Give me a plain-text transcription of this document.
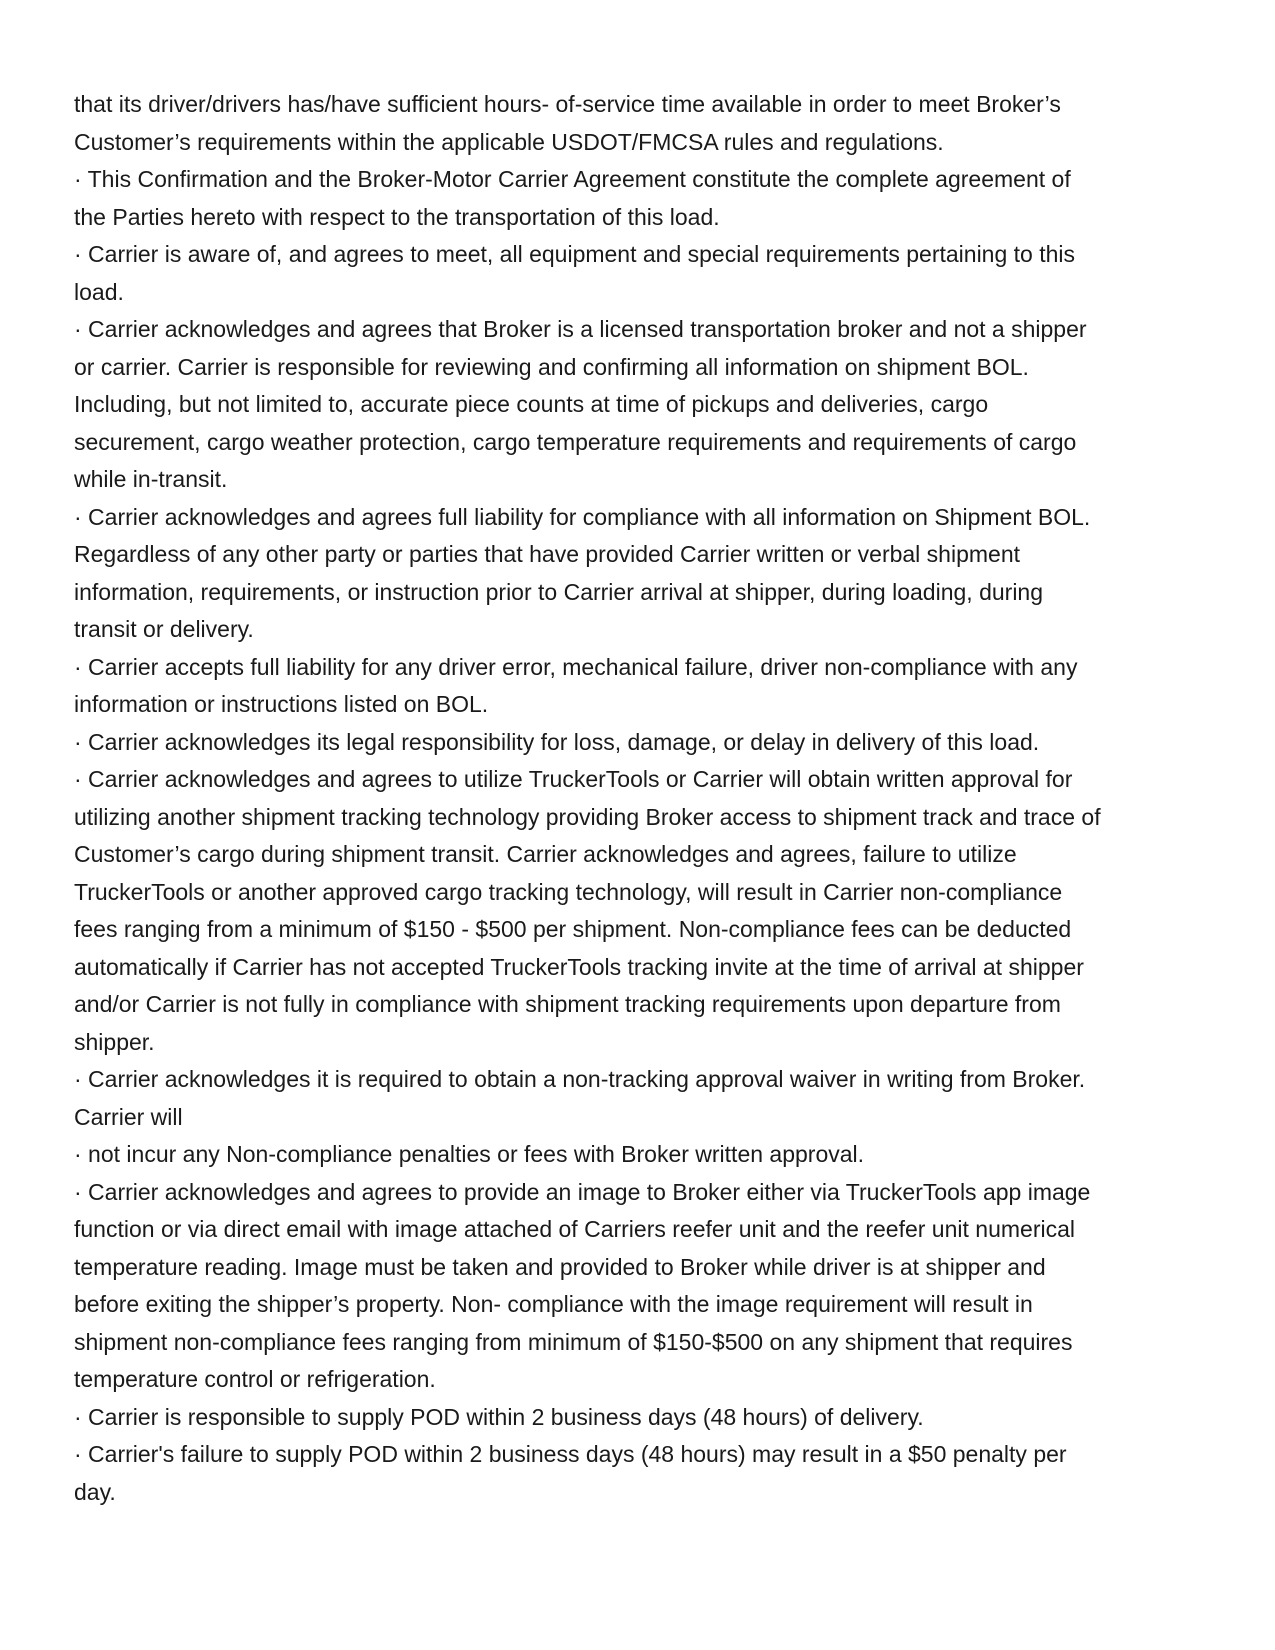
that its driver/drivers has/have sufficient hours- of-service time available in order to meet Broker’s

Customer’s requirements within the applicable USDOT/FMCSA rules and regulations.

· This Confirmation and the Broker-Motor Carrier Agreement constitute the complete agreement of

the Parties hereto with respect to the transportation of this load.

· Carrier is aware of, and agrees to meet, all equipment and special requirements pertaining to this

load.

· Carrier acknowledges and agrees that Broker is a licensed transportation broker and not a shipper

or carrier. Carrier is responsible for reviewing and confirming all information on shipment BOL.

Including, but not limited to, accurate piece counts at time of pickups and deliveries, cargo

securement, cargo weather protection, cargo temperature requirements and requirements of cargo

while in-transit.

· Carrier acknowledges and agrees full liability for compliance with all information on Shipment BOL.

Regardless of any other party or parties that have provided Carrier written or verbal shipment

information, requirements, or instruction prior to Carrier arrival at shipper, during loading, during

transit or delivery.

· Carrier accepts full liability for any driver error, mechanical failure, driver non-compliance with any

information or instructions listed on BOL.

· Carrier acknowledges its legal responsibility for loss, damage, or delay in delivery of this load.

· Carrier acknowledges and agrees to utilize TruckerTools or Carrier will obtain written approval for

utilizing another shipment tracking technology providing Broker access to shipment track and trace of

Customer’s cargo during shipment transit. Carrier acknowledges and agrees, failure to utilize

TruckerTools or another approved cargo tracking technology, will result in Carrier non-compliance

fees ranging from a minimum of $150 - $500 per shipment. Non-compliance fees can be deducted

automatically if Carrier has not accepted TruckerTools tracking invite at the time of arrival at shipper

and/or Carrier is not fully in compliance with shipment tracking requirements upon departure from

shipper.

· Carrier acknowledges it is required to obtain a non-tracking approval waiver in writing from Broker.

Carrier will

· not incur any Non-compliance penalties or fees with Broker written approval.

· Carrier acknowledges and agrees to provide an image to Broker either via TruckerTools app image

function or via direct email with image attached of Carriers reefer unit and the reefer unit numerical

temperature reading. Image must be taken and provided to Broker while driver is at shipper and

before exiting the shipper’s property. Non- compliance with the image requirement will result in

shipment non-compliance fees ranging from minimum of $150-$500 on any shipment that requires

temperature control or refrigeration.

· Carrier is responsible to supply POD within 2 business days (48 hours) of delivery.

· Carrier's failure to supply POD within 2 business days (48 hours) may result in a $50 penalty per

day.
